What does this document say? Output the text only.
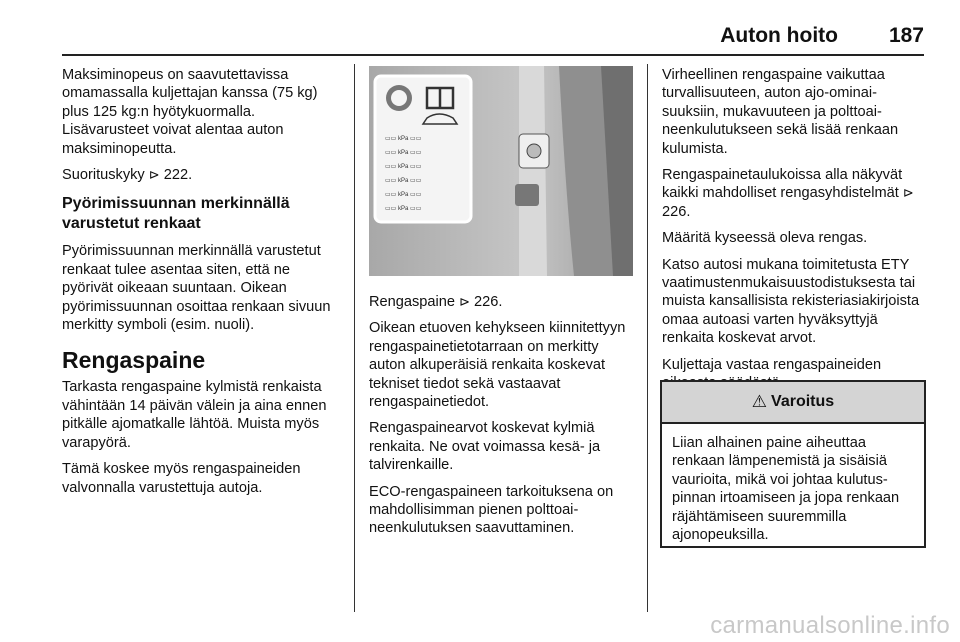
Auton hoito 187

Maksiminopeus on saavutettavissa omamassalla kuljettajan kanssa (75 kg) plus 125 kg:n hyötykuormalla. Lisävarusteet voivat alentaa auton maksiminopeutta.

Suorituskyky ⊳ 222.

Pyörimissuunnan merkinnällä varustetut renkaat

Pyörimissuunnan merkinnällä varustetut renkaat tulee asentaa siten, että ne pyörivät oikeaan suuntaan. Oikean pyörimissuunnan osoittaa renkaan sivuun merkitty symboli (esim. nuoli).

Rengaspaine

Tarkasta rengaspaine kylmistä renkaista vähintään 14 päivän välein ja aina ennen pitkälle ajomatkalle lähtöä. Muista myös varapyörä.

Tämä koskee myös rengaspaineiden valvonnalla varustettuja autoja.

▭▭ kPa ▭▭
▭▭ kPa ▭▭
▭▭ kPa ▭▭
▭▭ kPa ▭▭
▭▭ kPa ▭▭
▭▭ kPa ▭▭

Rengaspaine ⊳ 226.

Oikean etuoven kehykseen kiinnitettyyn rengaspainetietotarraan on merkitty auton alkuperäisiä renkaita koskevat tekniset tiedot sekä vastaavat rengaspainetiedot.

Rengaspainearvot koskevat kylmiä renkaita. Ne ovat voimassa kesä- ja talvirenkaille.

ECO-rengaspaineen tarkoituksena on mahdollisimman pienen polttoaineenkulutuksen saavuttaminen.

Virheellinen rengaspaine vaikuttaa turvallisuuteen, auton ajo-ominaisuuksiin, mukavuuteen ja polttoaineenkulutukseen sekä lisää renkaan kulumista.

Rengaspainetaulukoissa alla näkyvät kaikki mahdolliset rengasyhdistelmät ⊳ 226.

Määritä kyseessä oleva rengas.

Katso autosi mukana toimitetusta ETY vaatimustenmukaisuustodistuksesta tai muista kansallisista rekisteriasiakirjoista omaa autoasi varten hyväksyttyjä renkaita koskevat arvot.

Kuljettaja vastaa rengaspaineiden

⚠ Varoitus
Liian alhainen paine aiheuttaa renkaan lämpenemistä ja sisäisiä vaurioita, mikä voi johtaa kulutuspinnan irtoamiseen ja jopa renkaan räjähtämiseen suuremmilla ajonopeuksilla.
carmanualsonline.info
